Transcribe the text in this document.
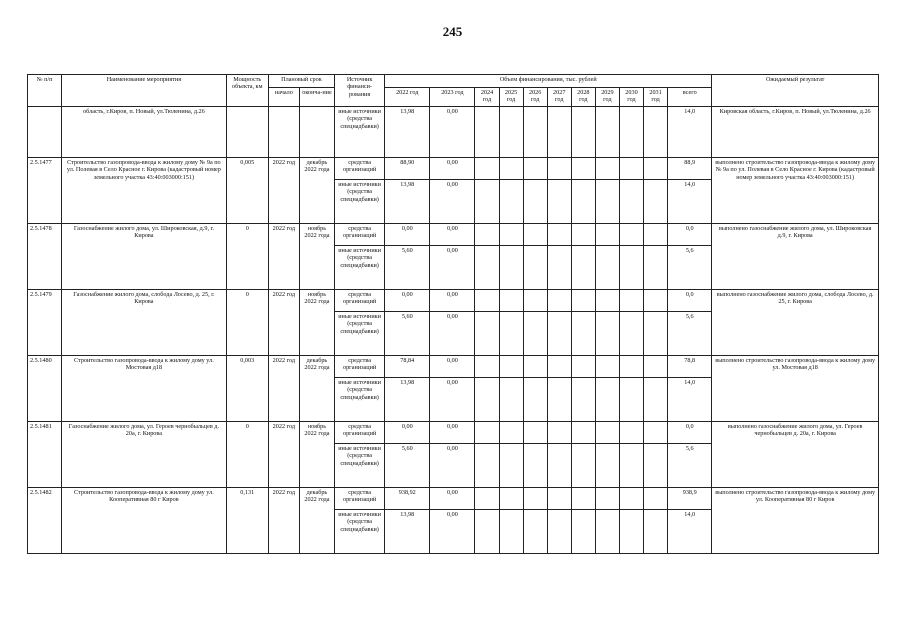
245
№ п/п	Наименование мероприятия	Мощность объекта, км	Плановый срок		Источник финанси-рования	Объем финансирования, тыс. рублей											Ожидаемый результат
			начало	оконча-ние		2022 год	2023 год	2024 год	2025 год	2026 год	2027 год	2028 год	2029 год	2030 год	2031 год	всего	
	область, г.Киров, п. Новый, ул.Тюленина, д.26				иные источники (средства спецнадбавки)	13,98	0,00									14,0	Кировская область, г.Киров, п. Новый, ул.Тюленина, д.26
2.5.1477	Строительство газопровода-ввода к жилому дому № 9а по ул. Полевая в Село Красное г. Кирова (кадастровый номер земельного участка 43:40:003000:151)	0,005	2022 год	декабрь 2022 года	средства организаций	88,90	0,00									88,9	выполнено строительство газопровода-ввода к жилому дому № 9а по ул. Полевая в Село Красное г. Кирова (кадастровый номер земельного участка 43:40:003000:151)
					иные источники (средства спецнадбавки)	13,98	0,00									14,0	
2.5.1478	Газоснабжение жилого дома, ул. Широковская, д.9, г. Кирова	0	2022 год	ноябрь 2022 года	средства организаций	0,00	0,00									0,0	выполнено газоснабжение жилого дома, ул. Широковская д.9, г. Кирова
					иные источники (средства спецнадбавки)	5,60	0,00									5,6	
2.5.1479	Газоснабжение жилого дома, слобода Лосево, д. 25, г. Кирова	0	2022 год	ноябрь 2022 года	средства организаций	0,00	0,00									0,0	выполнено газоснабжение жилого дома, слобода Лосево, д. 25, г. Кирова
					иные источники (средства спецнадбавки)	5,60	0,00									5,6	
2.5.1480	Строительство газопровода-ввода к жилому дому ул. Мостовая д18	0,003	2022 год	декабрь 2022 года	средства организаций	78,84	0,00									78,8	выполнено строительство газопровода-ввода к жилому дому ул. Мостовая д18
					иные источники (средства спецнадбавки)	13,98	0,00									14,0	
2.5.1481	Газоснабжение жилого дома, ул. Героев чернобыльцев д. 20а, г. Кирова	0	2022 год	ноябрь 2022 года	средства организаций	0,00	0,00									0,0	выполнено газоснабжение жилого дома, ул. Героев чернобыльцев д. 20а, г. Кирова
					иные источники (средства спецнадбавки)	5,60	0,00									5,6	
2.5.1482	Строительство газопровода-ввода к жилому дому ул. Кооперативная 80 г Киров	0,131	2022 год	декабрь 2022 года	средства организаций	938,92	0,00									938,9	выполнено строительство газопровода-ввода к жилому дому ул. Кооперативная 80 г Киров
					иные источники (средства спецнадбавки)	13,98	0,00									14,0	
